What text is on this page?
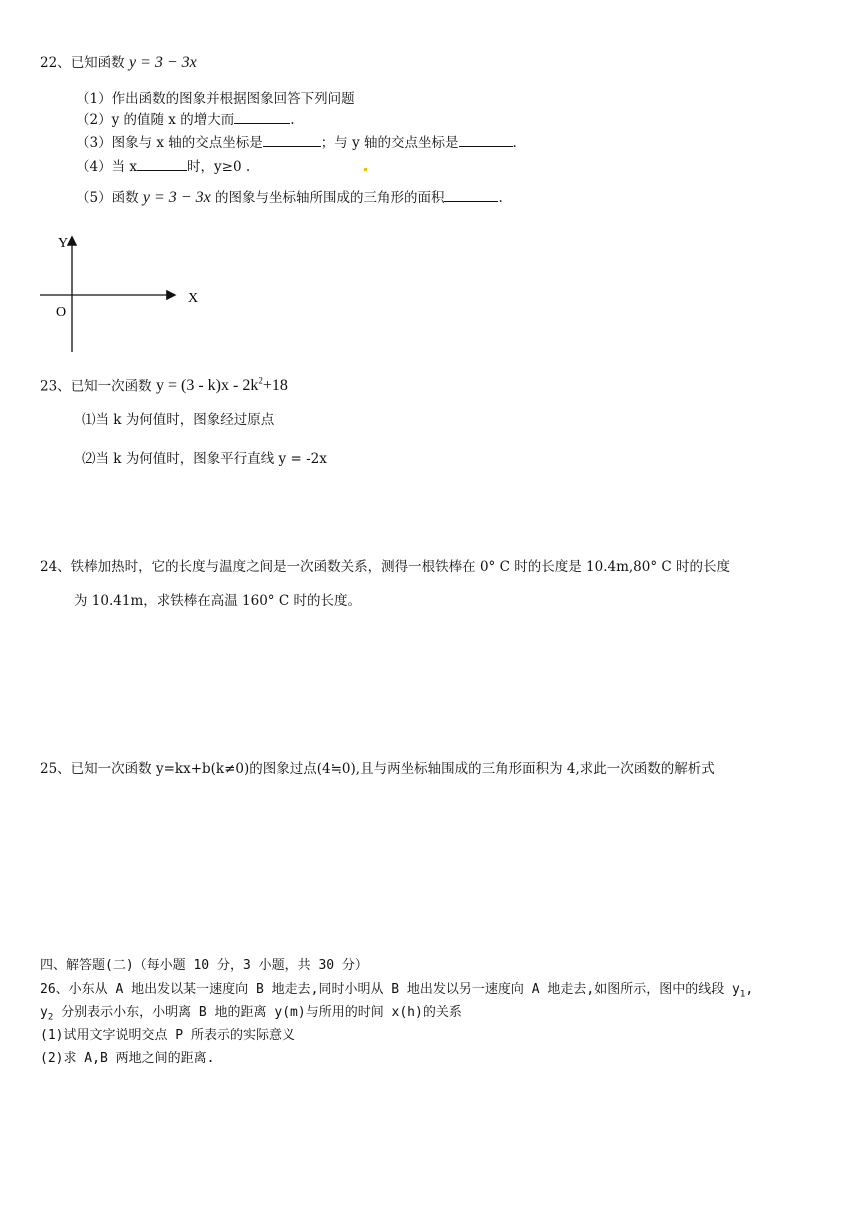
22、已知函数 y = 3 − 3x
（1）作出函数的图象并根据图象回答下列问题
（2）y 的值随 x 的增大而	.
（3）图象与 x 轴的交点坐标是	；与 y 轴的交点坐标是	.
（4）当 x	时，y≥0 .
（5）函数 y = 3 − 3x 的图象与坐标轴所围成的三角形的面积	.
Y
X
O
23、已知一次函数 $y = (3 - k)x - 2k^2+18$
⑴当 k 为何值时，图象经过原点
⑵当 k 为何值时，图象平行直线 y = -2x
24、铁棒加热时，它的长度与温度之间是一次函数关系，测得一根铁棒在 0° C 时的长度是 10.4m,80° C 时的长度
为 10.41m，求铁棒在高温 160° C 时的长度。
25、已知一次函数 y=kx+b(k≠0)的图象过点(4≒0),且与两坐标轴围成的三角形面积为 4,求此一次函数的解析式
四、解答题(二)（每小题 10 分，3 小题，共 30 分）
26、小东从 A 地出发以某一速度向 B 地走去,同时小明从 B 地出发以另一速度向 A 地走去,如图所示，图中的线段 $y_1$,
$y_2$ 分别表示小东，小明离 B 地的距离 y(m)与所用的时间 x(h)的关系
(1)试用文字说明交点 P 所表示的实际意义
(2)求 A,B 两地之间的距离.
